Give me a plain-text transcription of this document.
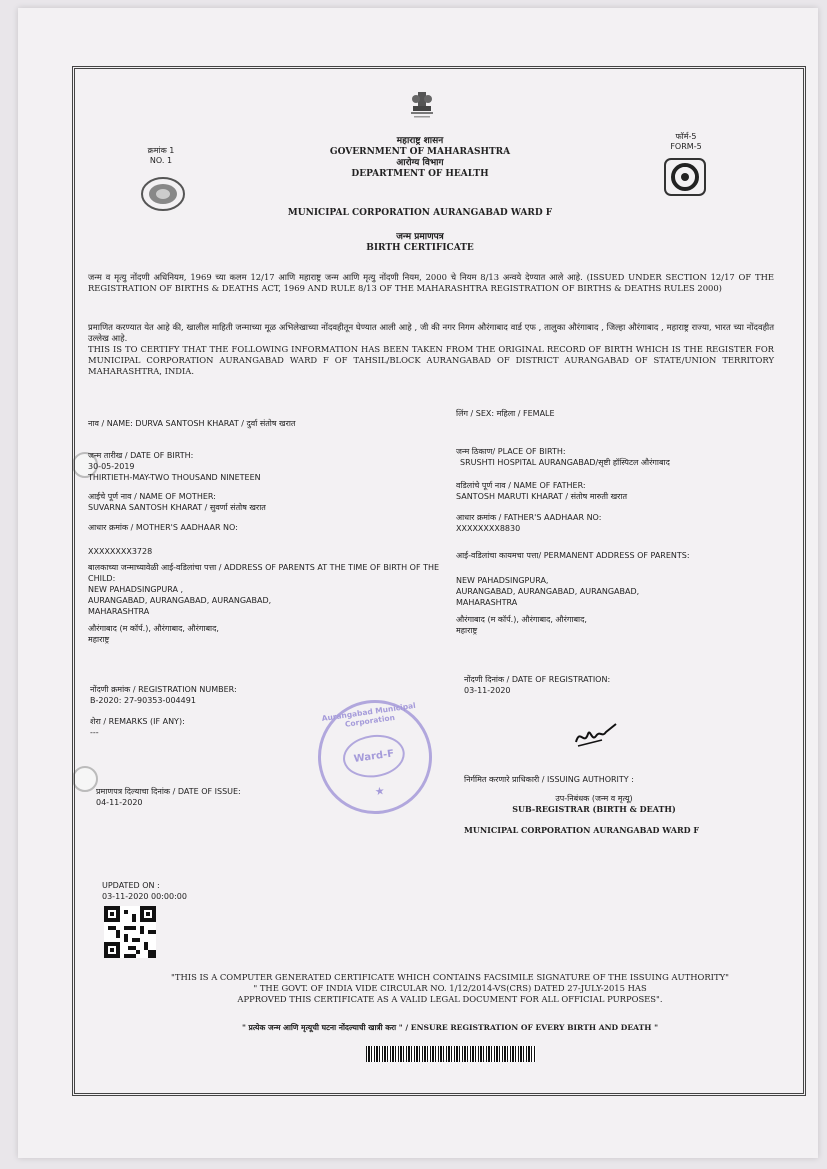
महाराष्ट्र शासन
GOVERNMENT OF MAHARASHTRA
आरोग्य विभाग
DEPARTMENT OF HEALTH
क्रमांक 1
NO. 1
फॉर्म-5
FORM-5
MUNICIPAL CORPORATION AURANGABAD WARD F
जन्म प्रमाणपत्र
BIRTH CERTIFICATE
जन्म व मृत्यु नोंदणी अधिनियम, 1969 च्या कलम 12/17 आणि महाराष्ट्र जन्म आणि मृत्यु नोंदणी नियम, 2000 चे नियम 8/13 अन्वये देण्यात आले आहे. (ISSUED UNDER SECTION 12/17 OF THE REGISTRATION OF BIRTHS & DEATHS ACT, 1969 AND RULE 8/13 OF THE MAHARASHTRA REGISTRATION OF BIRTHS & DEATHS RULES 2000)
प्रमाणित करण्यात येत आहे की, खालील माहिती जन्माच्या मूळ अभिलेखाच्या नोंदवहीतून घेण्यात आली आहे , जी की नगर निगम औरंगाबाद वार्ड एफ , तालुका औरंगाबाद , जिल्हा औरंगाबाद , महाराष्ट्र राज्या, भारत च्या नोंदवहीत उल्लेख आहे.
THIS IS TO CERTIFY THAT THE FOLLOWING INFORMATION HAS BEEN TAKEN FROM THE ORIGINAL RECORD OF BIRTH WHICH IS THE REGISTER FOR MUNICIPAL CORPORATION AURANGABAD WARD F OF TAHSIL/BLOCK AURANGABAD OF DISTRICT AURANGABAD OF STATE/UNION TERRITORY MAHARASHTRA, INDIA.
नाव / NAME: DURVA SANTOSH KHARAT / दुर्वा संतोष खरात
जन्म तारीख / DATE OF BIRTH:
30-05-2019
THIRTIETH-MAY-TWO THOUSAND NINETEEN
आईचे पूर्ण नाव / NAME OF MOTHER:
SUVARNA SANTOSH KHARAT / सुवर्णा संतोष खरात
आधार क्रमांक / MOTHER'S AADHAAR NO:
XXXXXXXX3728
बालकाच्या जन्माच्यावेळी आई-वडिलांचा पत्ता / ADDRESS OF PARENTS AT THE TIME OF BIRTH OF THE CHILD:
NEW PAHADSINGPURA ,
AURANGABAD, AURANGABAD, AURANGABAD,
MAHARASHTRA
औरंगाबाद (म कॉर्प.), औरंगाबाद, औरंगाबाद,
महाराष्ट्र
नोंदणी क्रमांक / REGISTRATION NUMBER:
B-2020: 27-90353-004491
शेरा / REMARKS (IF ANY):
---
प्रमाणपत्र दिल्याचा दिनांक / DATE OF ISSUE:
04-11-2020
लिंग / SEX: महिला / FEMALE
जन्म ठिकाण/ PLACE OF BIRTH:
SRUSHTI HOSPITAL AURANGABAD/सृष्टी हॉस्पिटल औरंगाबाद
वडिलांचे पूर्ण नाव / NAME OF FATHER:
SANTOSH MARUTI KHARAT / संतोष मारुती खरात
आधार क्रमांक / FATHER'S AADHAAR NO:
XXXXXXXX8830
आई-वडिलांचा कायमचा पत्ता/ PERMANENT ADDRESS OF PARENTS:
NEW PAHADSINGPURA,
AURANGABAD, AURANGABAD, AURANGABAD,
MAHARASHTRA
औरंगाबाद (म कॉर्प.), औरंगाबाद, औरंगाबाद,
महाराष्ट्र
नोंदणी दिनांक / DATE OF REGISTRATION:
03-11-2020
Aurangabad Municipal Corporation
Ward-F
★
निर्गमित करणारे प्राधिकारी / ISSUING AUTHORITY :
उप-निबंधक (जन्म व मृत्यू)
SUB-REGISTRAR (BIRTH & DEATH)
MUNICIPAL CORPORATION AURANGABAD WARD F
UPDATED ON :
03-11-2020 00:00:00
"THIS IS A COMPUTER GENERATED CERTIFICATE WHICH CONTAINS FACSIMILE SIGNATURE OF THE ISSUING AUTHORITY"
" THE GOVT. OF INDIA VIDE CIRCULAR NO. 1/12/2014-VS(CRS) DATED 27-JULY-2015 HAS
APPROVED THIS CERTIFICATE AS A VALID LEGAL DOCUMENT FOR ALL OFFICIAL PURPOSES".
" प्रत्येक जन्म आणि मृत्यूची घटना नोंदल्याची खात्री करा " / ENSURE REGISTRATION OF EVERY BIRTH AND DEATH "
